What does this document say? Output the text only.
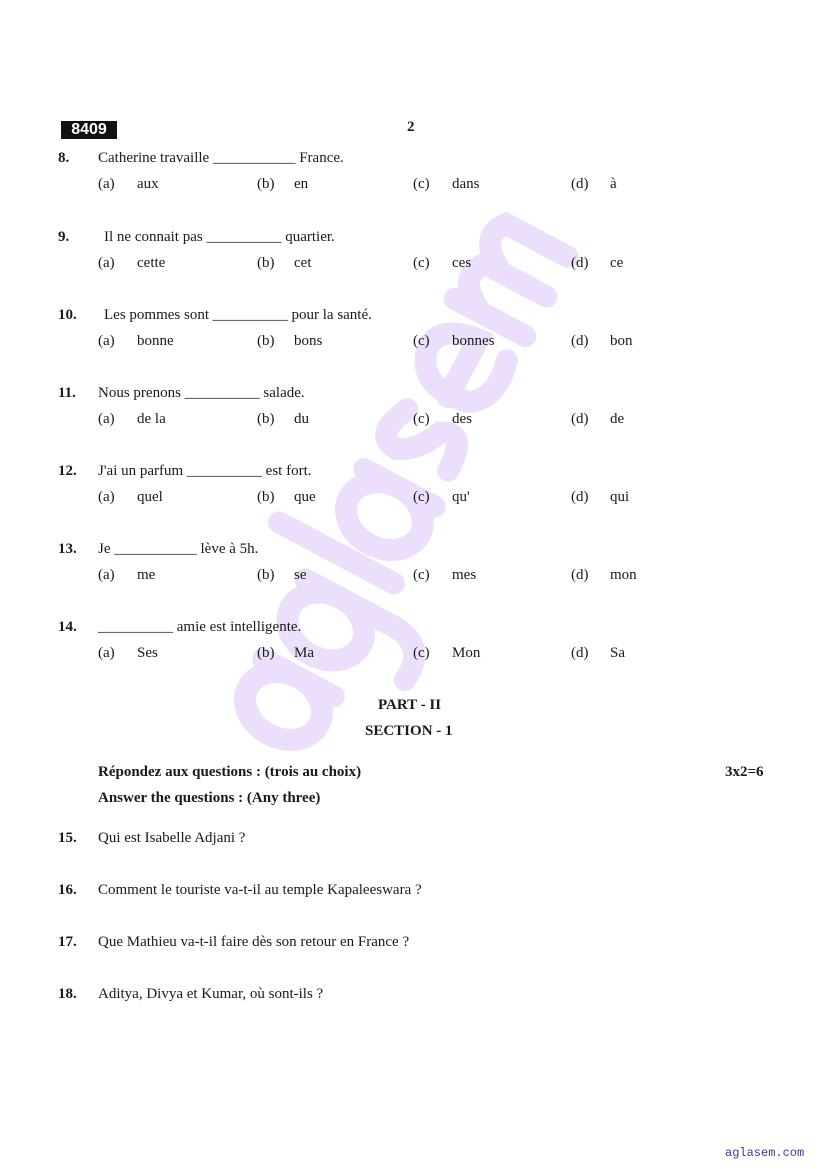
8409	2
8. Catherine travaille ___________ France.
(a) aux	(b) en	(c) dans	(d) à
9. Il ne connait pas __________ quartier.
(a) cette	(b) cet	(c) ces	(d) ce
10. Les pommes sont __________ pour la santé.
(a) bonne	(b) bons	(c) bonnes	(d) bon
11. Nous prenons __________ salade.
(a) de la	(b) du	(c) des	(d) de
12. J'ai un parfum __________ est fort.
(a) quel	(b) que	(c) qu'	(d) qui
13. Je ___________ lève à 5h.
(a) me	(b) se	(c) mes	(d) mon
14. __________ amie est intelligente.
(a) Ses	(b) Ma	(c) Mon	(d) Sa
PART - II
SECTION - 1
Répondez aux questions : (trois au choix)	3x2=6
Answer the questions : (Any three)
15. Qui est Isabelle Adjani ?
16. Comment le touriste va-t-il au temple Kapaleeswara ?
17. Que Mathieu va-t-il faire dès son retour en France ?
18. Aditya, Divya et Kumar, où sont-ils ?
aglasem.com
